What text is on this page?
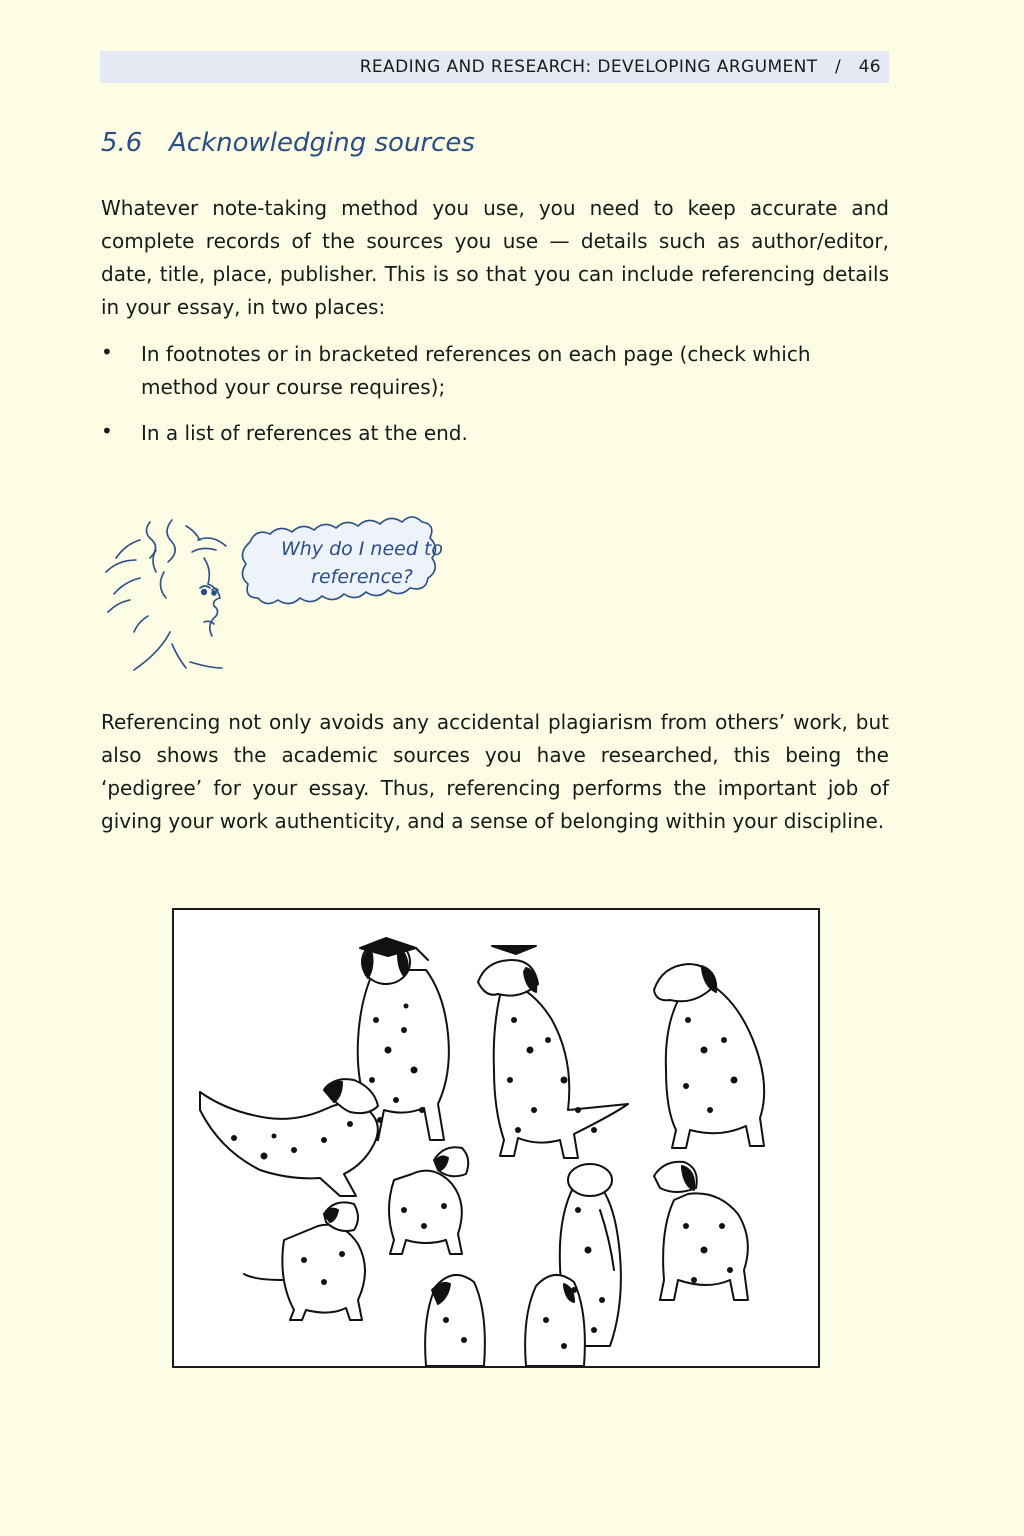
READING AND RESEARCH: DEVELOPING ARGUMENT / 46
5.6 Acknowledging sources

Whatever note-taking method you use, you need to keep accurate and complete records of the sources you use — details such as author/editor, date, title, place, publisher. This is so that you can include referencing details in your essay, in two places:

• In footnotes or in bracketed references on each page (check which method your course requires);
• In a list of references at the end.
Why do I need to
reference?

Referencing not only avoids any accidental plagiarism from others’ work, but also shows the academic sources you have researched, this being the ‘pedigree’ for your essay. Thus, referencing performs the important job of giving your work authenticity, and a sense of belonging within your discipline.
